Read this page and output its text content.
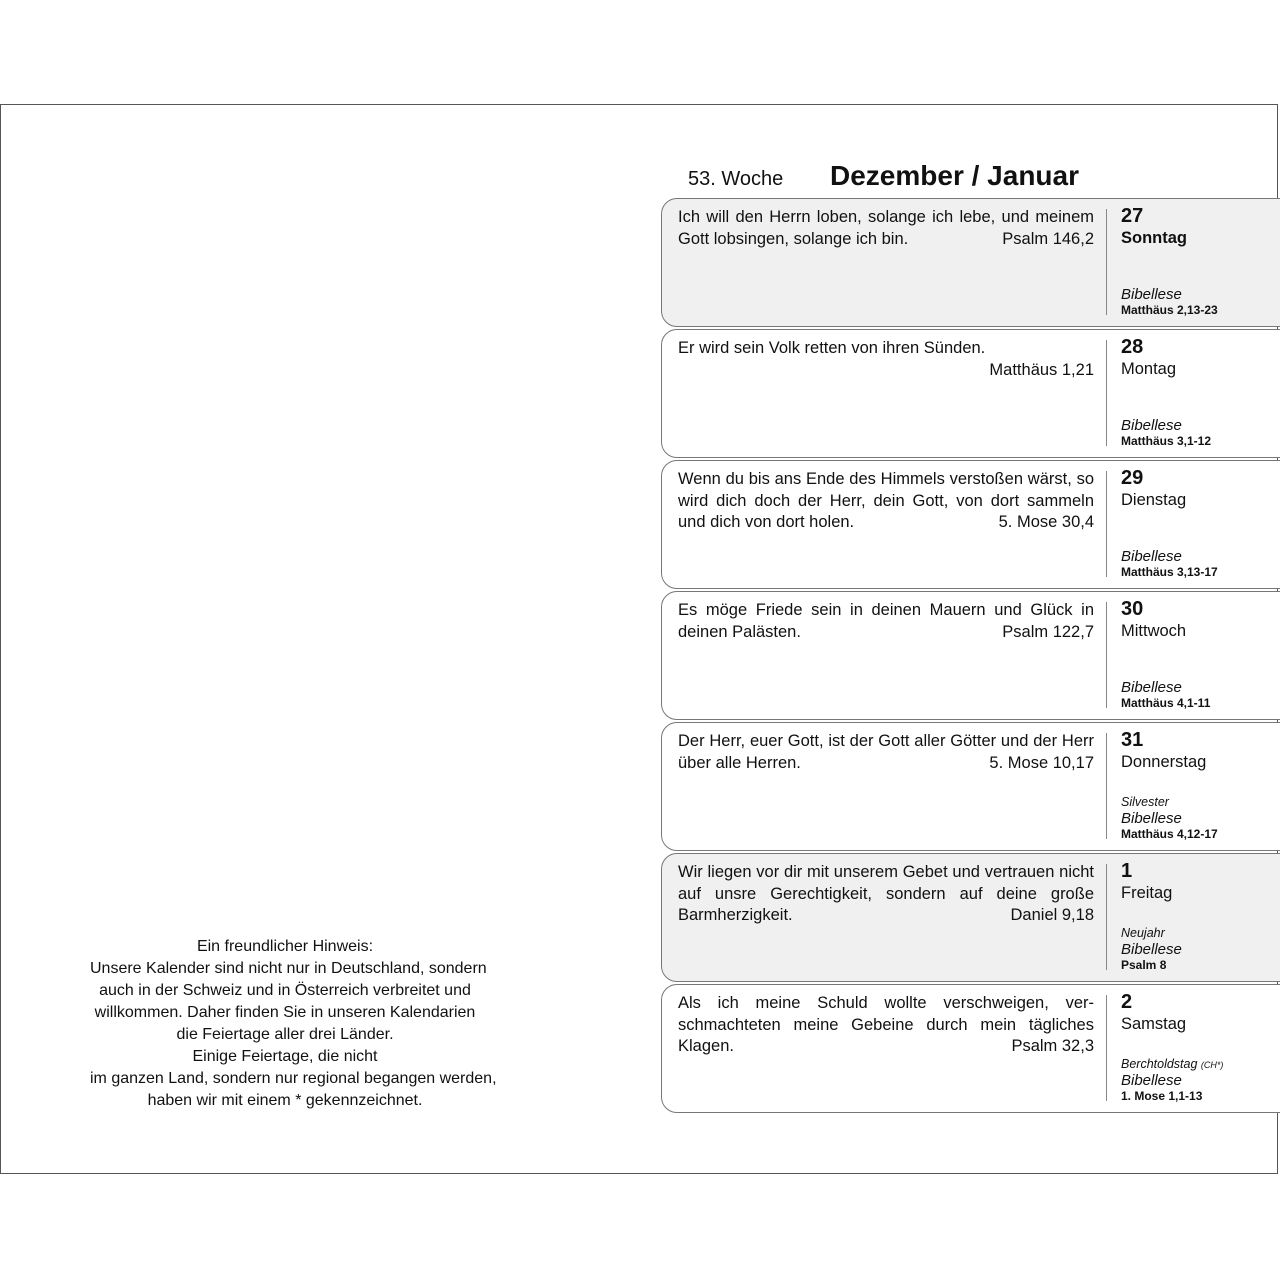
Ein freundlicher Hinweis:
Unsere Kalender sind nicht nur in Deutschland, sondern
auch in der Schweiz und in Österreich verbreitet und
willkommen. Daher finden Sie in unseren Kalendarien
die Feiertage aller drei Länder.
Einige Feiertage, die nicht
im ganzen Land, sondern nur regional begangen werden,
haben wir mit einem * gekennzeichnet.
53. Woche Dezember / Januar
Ich will den Herrn loben, solange ich lebe, und meinem Gott lobsingen, solange ich bin.	Psalm 146,2
27
Sonntag
Bibellese
Matthäus 2,13-23
Er wird sein Volk retten von ihren Sünden.
Matthäus 1,21
28
Montag
Bibellese
Matthäus 3,1-12
Wenn du bis ans Ende des Himmels verstoßen wärst, so wird dich doch der Herr, dein Gott, von dort sammeln und dich von dort holen.	5. Mose 30,4
29
Dienstag
Bibellese
Matthäus 3,13-17
Es möge Friede sein in deinen Mauern und Glück in deinen Palästen.	Psalm 122,7
30
Mittwoch
Bibellese
Matthäus 4,1-11
Der Herr, euer Gott, ist der Gott aller Götter und der Herr über alle Herren.	5. Mose 10,17
31
Donnerstag
Silvester
Bibellese
Matthäus 4,12-17
Wir liegen vor dir mit unserem Gebet und vertrauen nicht auf unsre Gerechtigkeit, sondern auf deine große Barmherzigkeit.	Daniel 9,18
1
Freitag
Neujahr
Bibellese
Psalm 8
Als ich meine Schuld wollte verschweigen, verschmachteten meine Gebeine durch mein tägliches Klagen.	Psalm 32,3
2
Samstag
Berchtoldstag (CH*)
Bibellese
1. Mose 1,1-13
